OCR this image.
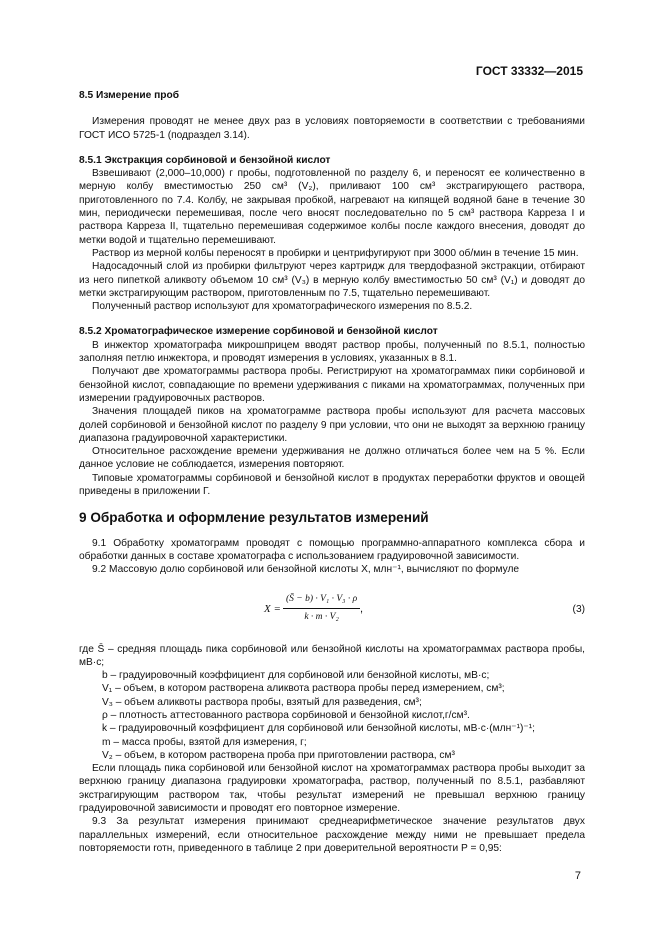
ГОСТ 33332—2015
8.5 Измерение проб

Измерения проводят не менее двух раз в условиях повторяемости в соответствии с требованиями ГОСТ ИСО 5725-1 (подраздел 3.14).

8.5.1 Экстракция сорбиновой и бензойной кислот

Взвешивают (2,000–10,000) г пробы, подготовленной по разделу 6, и переносят ее количественно в мерную колбу вместимостью 250 см³ (V₂), приливают 100 см³ экстрагирующего раствора, приготовленного по 7.4. Колбу, не закрывая пробкой, нагревают на кипящей водяной бане в течение 30 мин, периодически перемешивая, после чего вносят последовательно по 5 см³ раствора Карреза I и раствора Карреза II, тщательно перемешивая содержимое колбы после каждого внесения, доводят до метки водой и тщательно перемешивают.

Раствор из мерной колбы переносят в пробирки и центрифугируют при 3000 об/мин в течение 15 мин.

Надосадочный слой из пробирки фильтруют через картридж для твердофазной экстракции, отбирают из него пипеткой аликвоту объемом 10 см³ (V₃) в мерную колбу вместимостью 50 см³ (V₁) и доводят до метки экстрагирующим раствором, приготовленным по 7.5, тщательно перемешивают.

Полученный раствор используют для хроматографического измерения по 8.5.2.

8.5.2 Хроматографическое измерение сорбиновой и бензойной кислот

В инжектор хроматографа микрошприцем вводят раствор пробы, полученный по 8.5.1, полностью заполняя петлю инжектора, и проводят измерения в условиях, указанных в 8.1.

Получают две хроматограммы раствора пробы. Регистрируют на хроматограммах пики сорбиновой и бензойной кислот, совпадающие по времени удерживания с пиками на хроматограммах, полученных при измерении градуировочных растворов.

Значения площадей пиков на хроматограмме раствора пробы используют для расчета массовых долей сорбиновой и бензойной кислот по разделу 9 при условии, что они не выходят за верхнюю границу диапазона градуировочной характеристики.

Относительное расхождение времени удерживания не должно отличаться более чем на 5 %. Если данное условие не соблюдается, измерения повторяют.

Типовые хроматограммы сорбиновой и бензойной кислот в продуктах переработки фруктов и овощей приведены в приложении Г.

9 Обработка и оформление результатов измерений

9.1 Обработку хроматограмм проводят с помощью программно-аппаратного комплекса сбора и обработки данных в составе хроматографа с использованием градуировочной зависимости.

9.2 Массовую долю сорбиновой или бензойной кислоты X, млн⁻¹, вычисляют по формуле

$X = \frac{\text{(S̄ − b) · V₁ · V₃ · ρ}}{\text{k · m · V₂}}$ ,	(3)

где S̄ – средняя площадь пика сорбиновой или бензойной кислоты на хроматограммах раствора пробы, мВ·с;

b – градуировочный коэффициент для сорбиновой или бензойной кислоты, мВ·с;

V₁ – объем, в котором растворена аликвота раствора пробы перед измерением, см³;

V₃ – объем аликвоты раствора пробы, взятый для разведения, см³;

ρ – плотность аттестованного раствора сорбиновой и бензойной кислот,г/см³.

k – градуировочный коэффициент для сорбиновой или бензойной кислоты, мВ·с·(млн⁻¹)⁻¹;

m – масса пробы, взятой для измерения, г;

V₂ – объем, в котором растворена проба при приготовлении раствора, см³

Если площадь пика сорбиновой или бензойной кислот на хроматограммах раствора пробы выходит за верхнюю границу диапазона градуировки хроматографа, раствор, полученный по 8.5.1, разбавляют экстрагирующим раствором так, чтобы результат измерений не превышал верхнюю границу градуировочной зависимости и проводят его повторное измерение.

9.3 За результат измерения принимают среднеарифметическое значение результатов двух параллельных измерений, если относительное расхождение между ними не превышает предела повторяемости rотн, приведенного в таблице 2 при доверительной вероятности P = 0,95:

7
